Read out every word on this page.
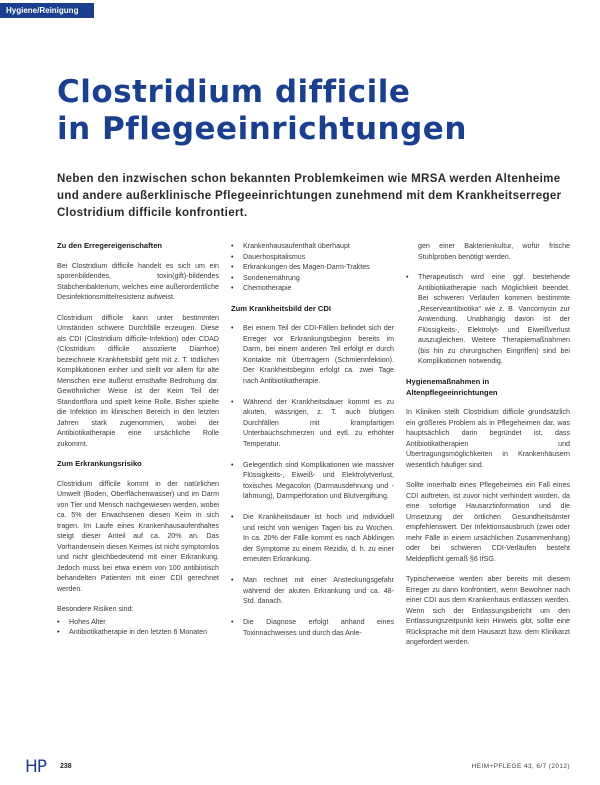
Hygiene/Reinigung
Clostridium difficile
in Pflegeeinrichtungen

Neben den inzwischen schon bekannten Problemkeimen wie MRSA werden Altenheime und andere außerklinische Pflegeeinrichtungen zunehmend mit dem Krankheitserreger Clostridium difficile konfrontiert.

Zu den Erregereigenschaften

Bei Clostridium difficile handelt es sich um ein sporenbildendes, toxin(gift)-bildendes Stäbchenbakterium, welches eine außerordentliche Desinfektionsmittelresistenz aufweist.

Clostridium difficile kann unter bestimmten Umständen schwere Durchfälle erzeugen. Diese als CDI (Clostridium difficile-Infektion) oder CDAD (Clostridium difficile assoziierte Diarrhoe) bezeichnete Krankheitsbild geht mit z. T. tödlichen Komplikationen einher und stellt vor allem für alte Menschen eine äußerst ernsthafte Bedrohung dar. Gewöhnlicher Weise ist der Keim Teil der Standortflora und spielt keine Rolle. Bisher spielte die Infektion im klinischen Bereich in den letzten Jahren stark zugenommen, wobei der Antibiotikatherapie eine ursächliche Rolle zukommt.

Zum Erkrankungsrisiko

Clostridium difficile kommt in der natürlichen Umwelt (Boden, Oberflächenwasser) und im Darm von Tier und Mensch nachgewiesen werden, wobei ca. 5% der Erwachsenen diesen Keim in sich tragen. Im Laufe eines Krankenhausaufenthaltes steigt dieser Anteil auf ca. 20% an. Das Vorhandensein dieses Keimes ist nicht symptomlos und nicht gleichbedeutend mit einer Erkrankung. Jedoch muss bei etwa einem von 100 antibiotisch behandelten Patienten mit einer CDI gerechnet werden.

Besondere Risiken sind:

• Hohes Alter
• Antibiotikatherapie in den letzten 6 Monaten
• Krankenhausaufenthalt überhaupt
• Dauerhospitalismus
• Erkrankungen des Magen-Darm-Traktes
• Sondenernährung
• Chemotherapie
Zum Krankheitsbild der CDI
• Bei einem Teil der CDI-Fällen befindet sich der Erreger vor Erkrankungsbeginn bereits im Darm, bei einem anderen Teil erfolgt er durch Kontakte mit Überträgern (Schmierinfektion). Der Krankheitsbeginn erfolgt ca. zwei Tage nach Antibiotikatherapie.
• Während der Krankheitsdauer kommt es zu akuten, wässrigen, z. T. auch blutigen Durchfällen mit krampfartigen Unterbauchschmerzen und evtl. zu erhöhter Temperatur.
• Gelegentlich sind Komplikationen wie massiver Flüssigkeits-, Eiweiß- und Elektrolytverlust, toxisches Megacolon (Darmausdehnung und -lähmung), Darmperforation und Blutvergiftung.
• Die Krankheitsdauer ist hoch und individuell und reicht von wenigen Tagen bis zu Wochen. In ca. 20% der Fälle kommt es nach Abklingen der Symptome zu einem Rezidiv, d. h. zu einer erneuten Erkrankung.
• Man rechnet mit einer Ansteckungsgefahr während der akuten Erkrankung und ca. 48-Std. danach.
• Die Diagnose erfolgt anhand eines Toxinnachweises und durch das Anle-
gen einer Bakterienkultur, wofür frische Stuhlproben benötigt werden.
• Therapeutisch wird eine ggf. bestehende Antibiotikatherapie nach Möglichkeit beendet. Bei schweren Verläufen kommen bestimmte „Reserveantibiotika“ wie z. B. Vancomycin zur Anwendung. Unabhängig davon ist der Flüssigkeits-, Elektrolyt- und Eiweißverlust auszugleichen. Weitere Therapiemaßnahmen (bis hin zu chirurgischen Eingriffen) sind bei Komplikationen notwendig.
Hygienemaßnahmen in Altenpflegeeinrichtungen

In Kliniken stellt Clostridium difficile grundsätzlich ein größeres Problem als in Pflegeheimen dar, was hauptsächlich darin begründet ist, dass Antibiotikatherapien und Übertragungsmöglichkeiten in Krankenhäusern wesentlich häufiger sind.

Sollte innerhalb eines Pflegeheimes ein Fall eines CDI auftreten, ist zuvor nicht verhindert worden, da eine sofortige Hausarztinformation und die Umsetzung der örtlichen Gesundheitsämter empfehlenswert. Der Infektionsausbruch (zwei oder mehr Fälle in einem ursächlichen Zusammenhang) oder bei schweren CDI-Verläufen besteht Meldepflicht gemäß §6 IfSG.

Typischerweise werden aber bereits mit diesem Erreger zu dann konfrontiert, wenn Bewohner nach einer CDI aus dem Krankenhaus entlassen werden. Wenn sich der Entlassungsbericht um den Entlassungszeitpunkt kein Hinweis gibt, sollte eine Rücksprache mit dem Hausarzt bzw. dem Klinikarzt angefordert werden.

HP 238	HEIM+PFLEGE 43, 6/7 (2012)
